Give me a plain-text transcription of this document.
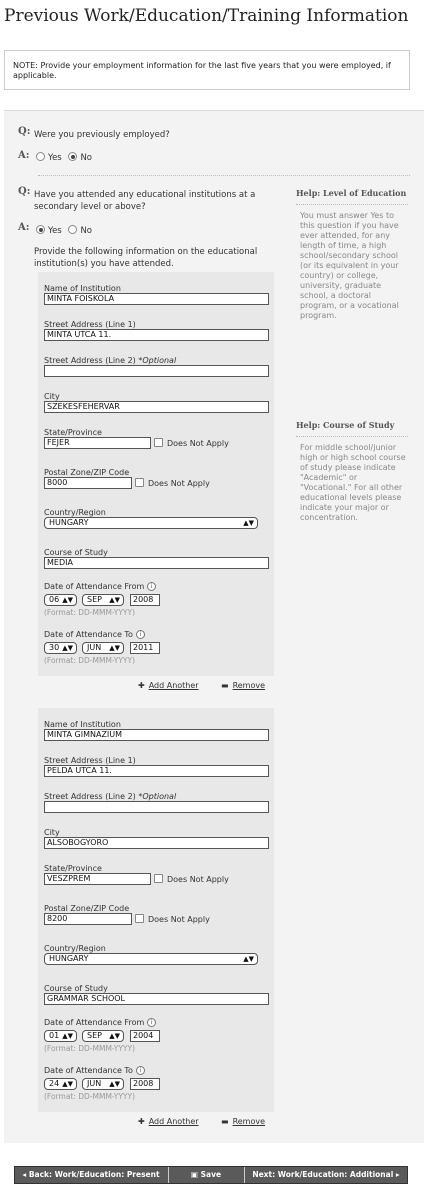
Previous Work/Education/Training Information
NOTE: Provide your employment information for the last five years that you were employed, if applicable.
Q: Were you previously employed?
A:	Yes No
Q: Have you attended any educational institutions at a secondary level or above?
A:	Yes No
Provide the following information on the educational institution(s) you have attended.
Help: Level of Education
You must answer Yes to this question if you have ever attended, for any length of time, a high school/secondary school (or its equivalent in your country) or college, university, graduate school, a doctoral program, or a vocational program.
Help: Course of Study
For middle school/junior high or high school course of study please indicate "Academic" or "Vocational." For all other educational levels please indicate your major or concentration.
Name of Institution
MINTA FOISKOLA
Street Address (Line 1)
MINTA UTCA 11.
Street Address (Line 2) *Optional
City
SZEKESFEHERVAR
State/Province
FEJER	Does Not Apply
Postal Zone/ZIP Code
8000	Does Not Apply
Country/Region
HUNGARY	▲▼
Course of Study
MEDIA
Date of Attendance From i
06 ▲▼	SEP ▲▼	2008
(Format: DD-MMM-YYYY)
Date of Attendance To i
30 ▲▼	JUN ▲▼	2011
(Format: DD-MMM-YYYY)
✚ Add Another	▬ Remove
Name of Institution
MINTA GIMNAZIUM
Street Address (Line 1)
PELDA UTCA 11.
Street Address (Line 2) *Optional
City
ALSOBOGYORO
State/Province
VESZPREM	Does Not Apply
Postal Zone/ZIP Code
8200	Does Not Apply
Country/Region
HUNGARY	▲▼
Course of Study
GRAMMAR SCHOOL
Date of Attendance From i
01 ▲▼	SEP ▲▼	2004
(Format: DD-MMM-YYYY)
Date of Attendance To i
24 ▲▼	JUN ▲▼	2008
(Format: DD-MMM-YYYY)
✚ Add Another	▬ Remove
◂ Back: Work/Education: Present	▣ Save	Next: Work/Education: Additional ▸
